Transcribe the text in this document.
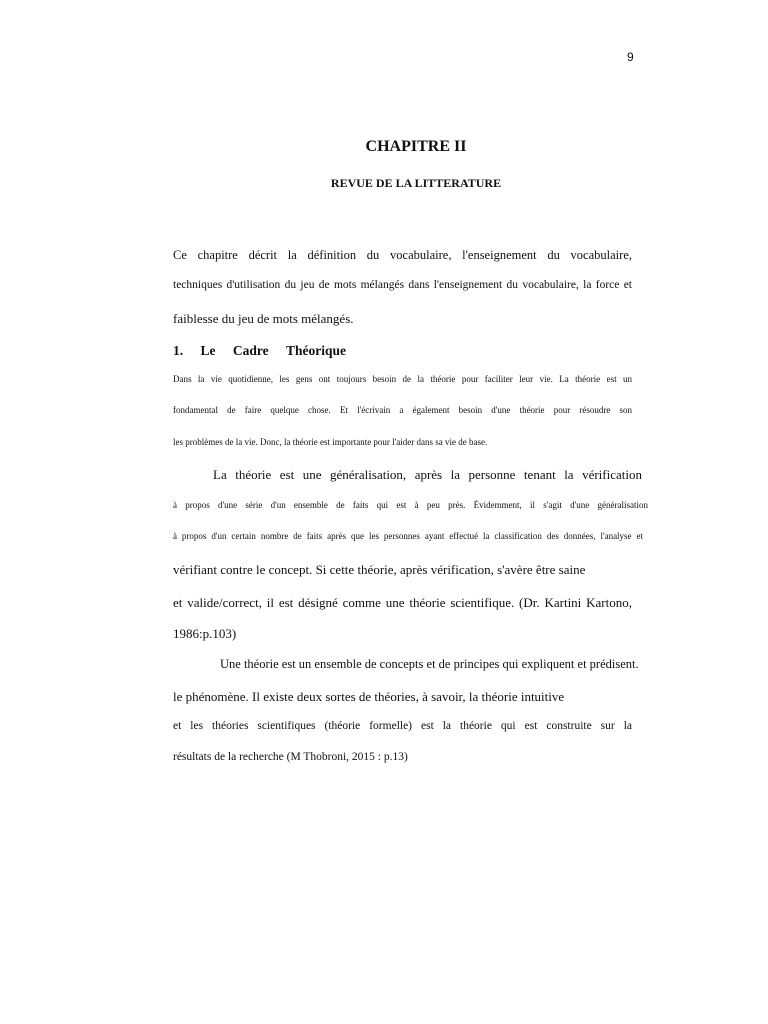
9
CHAPITRE II
REVUE DE LA LITTERATURE
Ce chapitre décrit la définition du vocabulaire, l'enseignement du vocabulaire,
techniques d'utilisation du jeu de mots mélangés dans l'enseignement du vocabulaire, la force et
faiblesse du jeu de mots mélangés.
1. Le Cadre Théorique
Dans la vie quotidienne, les gens ont toujours besoin de la théorie pour faciliter leur vie. La théorie est un
fondamental de faire quelque chose. Et l'écrivain a également besoin d'une théorie pour résoudre son
les problèmes de la vie. Donc, la théorie est importante pour l'aider dans sa vie de base.
La théorie est une généralisation, après la personne tenant la vérification
à propos d'une série d'un ensemble de faits qui est à peu près. Évidemment, il s'agit d'une généralisation
à propos d'un certain nombre de faits après que les personnes ayant effectué la classification des données, l'analyse et
vérifiant contre le concept. Si cette théorie, après vérification, s'avère être saine
et valide/correct, il est désigné comme une théorie scientifique. (Dr. Kartini Kartono,
1986:p.103)
Une théorie est un ensemble de concepts et de principes qui expliquent et prédisent.
le phénomène. Il existe deux sortes de théories, à savoir, la théorie intuitive
et les théories scientifiques (théorie formelle) est la théorie qui est construite sur la
résultats de la recherche (M Thobroni, 2015 : p.13)
